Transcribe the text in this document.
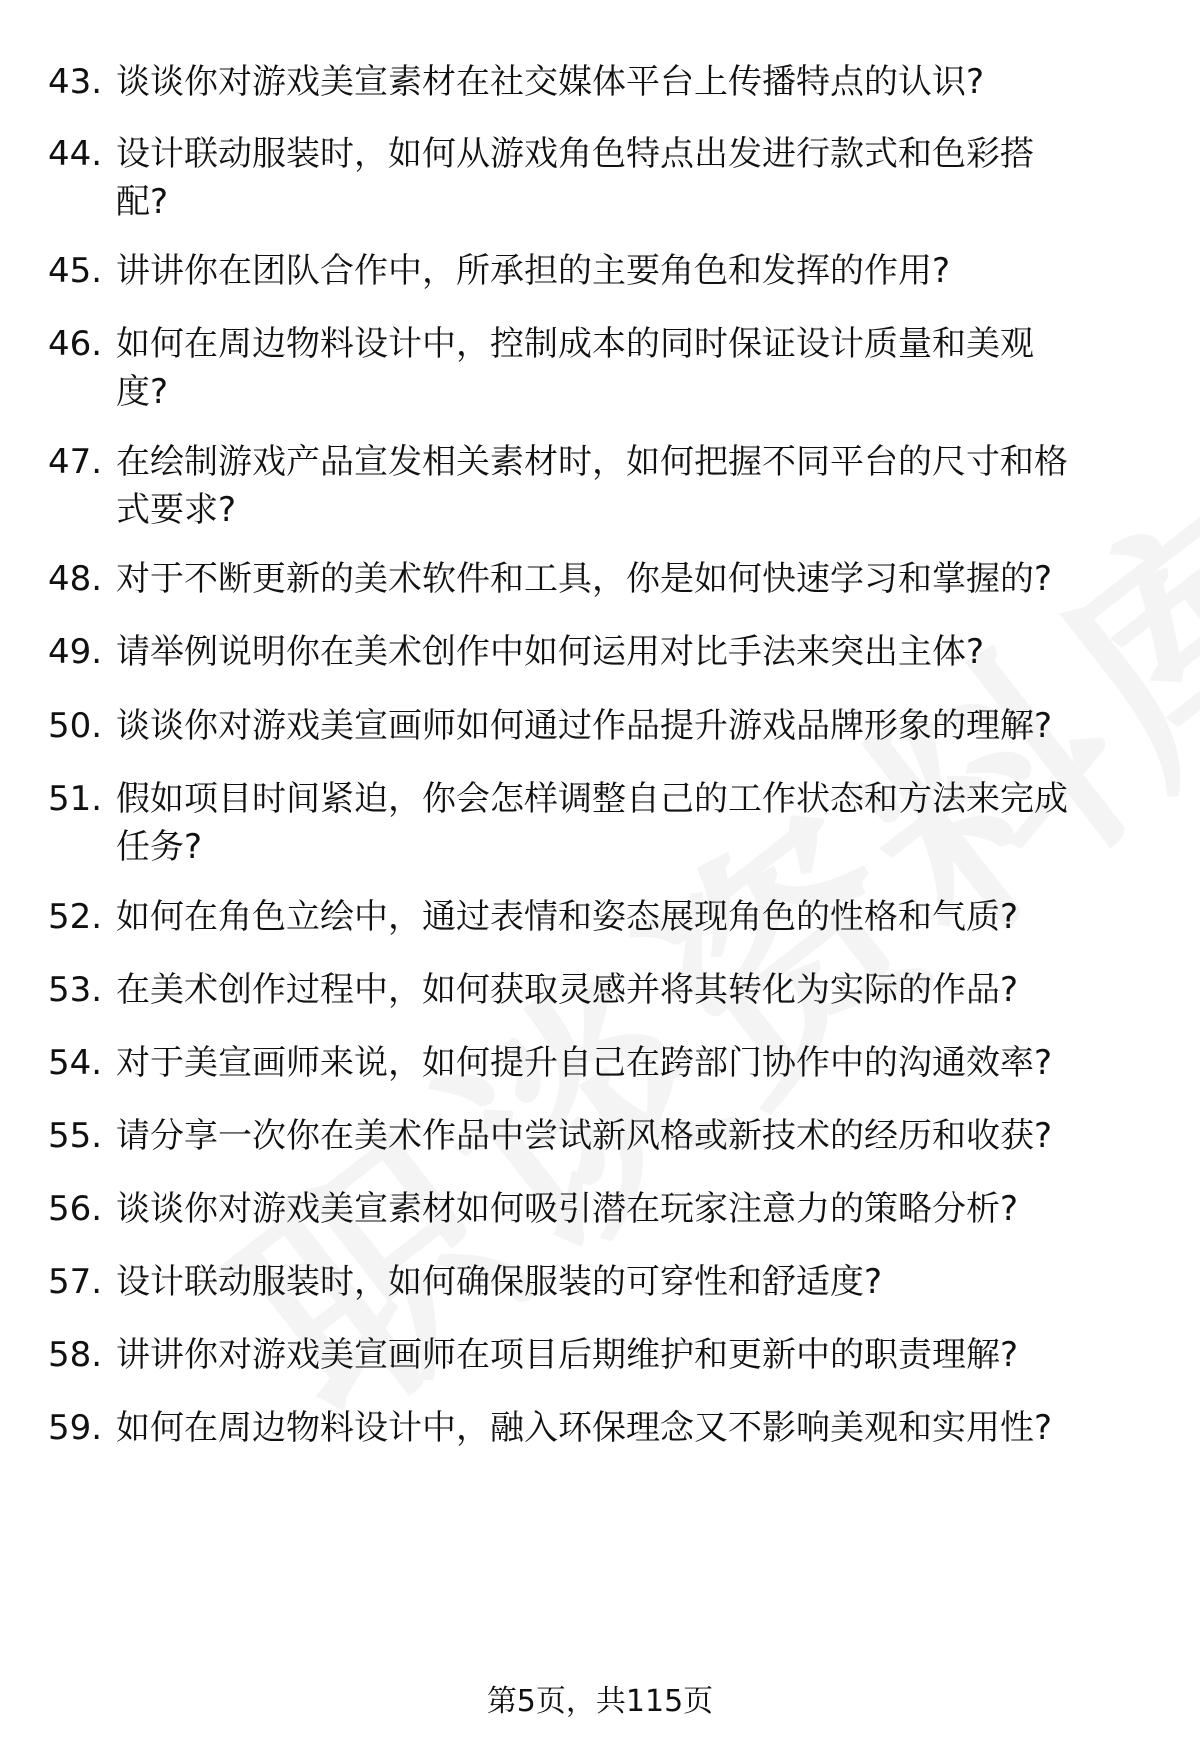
43. 谈谈你对游戏美宣素材在社交媒体平台上传播特点的认识?
44. 设计联动服装时，如何从游戏角色特点出发进行款式和色彩搭
配?
45. 讲讲你在团队合作中，所承担的主要角色和发挥的作用?
46. 如何在周边物料设计中，控制成本的同时保证设计质量和美观
度?
47. 在绘制游戏产品宣发相关素材时，如何把握不同平台的尺寸和格
式要求?
48. 对于不断更新的美术软件和工具，你是如何快速学习和掌握的?
49. 请举例说明你在美术创作中如何运用对比手法来突出主体?
50. 谈谈你对游戏美宣画师如何通过作品提升游戏品牌形象的理解?
51. 假如项目时间紧迫，你会怎样调整自己的工作状态和方法来完成
任务?
52. 如何在角色立绘中，通过表情和姿态展现角色的性格和气质?
53. 在美术创作过程中，如何获取灵感并将其转化为实际的作品?
54. 对于美宣画师来说，如何提升自己在跨部门协作中的沟通效率?
55. 请分享一次你在美术作品中尝试新风格或新技术的经历和收获?
56. 谈谈你对游戏美宣素材如何吸引潜在玩家注意力的策略分析?
57. 设计联动服装时，如何确保服装的可穿性和舒适度?
58. 讲讲你对游戏美宣画师在项目后期维护和更新中的职责理解?
59. 如何在周边物料设计中，融入环保理念又不影响美观和实用性?
第5页，共115页
